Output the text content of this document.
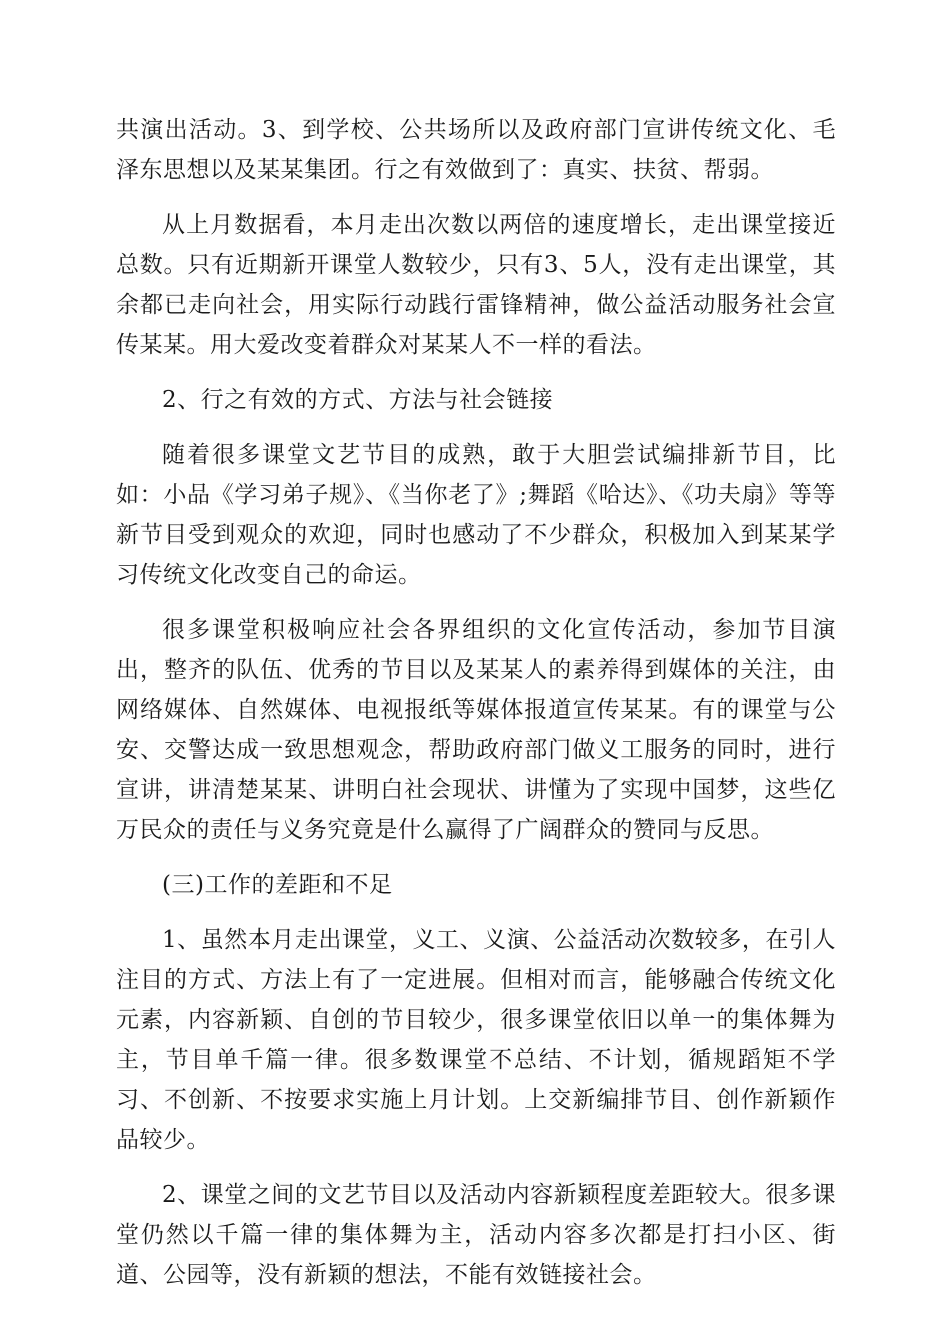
共演出活动。3、到学校、公共场所以及政府部门宣讲传统文化、毛泽东思想以及某某集团。行之有效做到了：真实、扶贫、帮弱。

从上月数据看，本月走出次数以两倍的速度增长，走出课堂接近总数。只有近期新开课堂人数较少，只有3、5人，没有走出课堂，其余都已走向社会，用实际行动践行雷锋精神，做公益活动服务社会宣传某某。用大爱改变着群众对某某人不一样的看法。

2、行之有效的方式、方法与社会链接

随着很多课堂文艺节目的成熟，敢于大胆尝试编排新节目，比如：小品《学习弟子规》、《当你老了》;舞蹈《哈达》、《功夫扇》等等新节目受到观众的欢迎，同时也感动了不少群众，积极加入到某某学习传统文化改变自己的命运。

很多课堂积极响应社会各界组织的文化宣传活动，参加节目演出，整齐的队伍、优秀的节目以及某某人的素养得到媒体的关注，由网络媒体、自然媒体、电视报纸等媒体报道宣传某某。有的课堂与公安、交警达成一致思想观念，帮助政府部门做义工服务的同时，进行宣讲，讲清楚某某、讲明白社会现状、讲懂为了实现中国梦，这些亿万民众的责任与义务究竟是什么赢得了广阔群众的赞同与反思。

(三)工作的差距和不足

1、虽然本月走出课堂，义工、义演、公益活动次数较多，在引人注目的方式、方法上有了一定进展。但相对而言，能够融合传统文化元素，内容新颖、自创的节目较少，很多课堂依旧以单一的集体舞为主，节目单千篇一律。很多数课堂不总结、不计划，循规蹈矩不学习、不创新、不按要求实施上月计划。上交新编排节目、创作新颖作品较少。

2、课堂之间的文艺节目以及活动内容新颖程度差距较大。很多课堂仍然以千篇一律的集体舞为主，活动内容多次都是打扫小区、街道、公园等，没有新颖的想法，不能有效链接社会。
